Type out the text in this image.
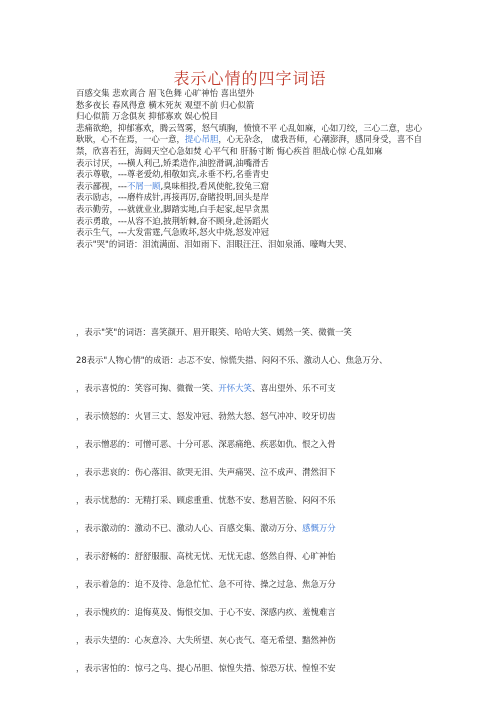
表示心情的四字词语
百感交集 悲欢离合 眉飞色舞 心旷神怡 喜出望外
愁多夜长 春风得意 横木死灰 观望不前 归心似箭
归心似箭 万念俱灰 抑郁寡欢 娱心悦目
悲痛欲绝，抑郁寡欢，腾云驾雾，怒气填胸，愤愤不平 心乱如麻，心如刀绞，三心二意，忠心耿耿，心不在焉，一心一意，提心吊胆，心无杂念， 虞我吾师，心潮澎湃，感同身受，喜不自禁，欣喜若狂，海阔天空心急如焚 心平气和 肝肠寸断 悔心疾首 胆战心惊 心乱如麻
表示讨厌，---横人利己,矫柔造作,油腔滑调,油嘴滑舌
表示尊敬，---尊老爱幼,相敬如宾,永垂不朽,名垂青史
表示鄙视，---不屑一顾,臭味相投,看风使舵,狡兔三窟
表示励志，---磨杵成针,再接再厉,奋睹投明,回头是岸
表示勤劳，---就就业业,脚踏实地,白手起家,起早贪黑
表示勇敢，---从容不迫,披荆斩棘,奋不顾身,赴汤蹈火
表示生气，---大发雷霆,气急败坏,怒火中烧,怒发冲冠
表示"哭"的词语：泪流满面、泪如雨下、泪眼汪汪、泪如泉涌、嚎啕大哭、
，表示"笑"的词语：喜笑颜开、眉开眼笑、哈哈大笑、嫣然一笑、微微一笑
28表示"人物心情"的成语：忐忑不安、惊慌失措、闷闷不乐、激动人心、焦急万分、
，表示喜悦的：笑容可掬、微微一笑、开怀大笑、喜出望外、乐不可支
，表示愤怒的：火冒三丈、怒发冲冠、勃然大怒、怒气冲冲、咬牙切齿
，表示憎恶的：可憎可恶、十分可恶、深恶痛绝、疾恶如仇、恨之入骨
，表示悲哀的：伤心落泪、欲哭无泪、失声痛哭、泣不成声、潸然泪下
，表示忧愁的：无精打采、顾虑重重、忧愁不安、愁眉苦脸、闷闷不乐
，表示激动的：激动不已、激动人心、百感交集、激动万分、感慨万分
，表示舒畅的：舒舒服服、高枕无忧、无忧无虑、悠然自得、心旷神怡
，表示着急的：迫不及待、急急忙忙、急不可待、操之过急、焦急万分
，表示愧疚的：追悔莫及、悔恨交加、于心不安、深感内疚、羞愧难言
，表示失望的：心灰意冷、大失所望、灰心丧气、毫无希望、黯然神伤
，表示害怕的：惊弓之鸟、提心吊胆、惊惶失措、惊恐万状、惶惶不安
